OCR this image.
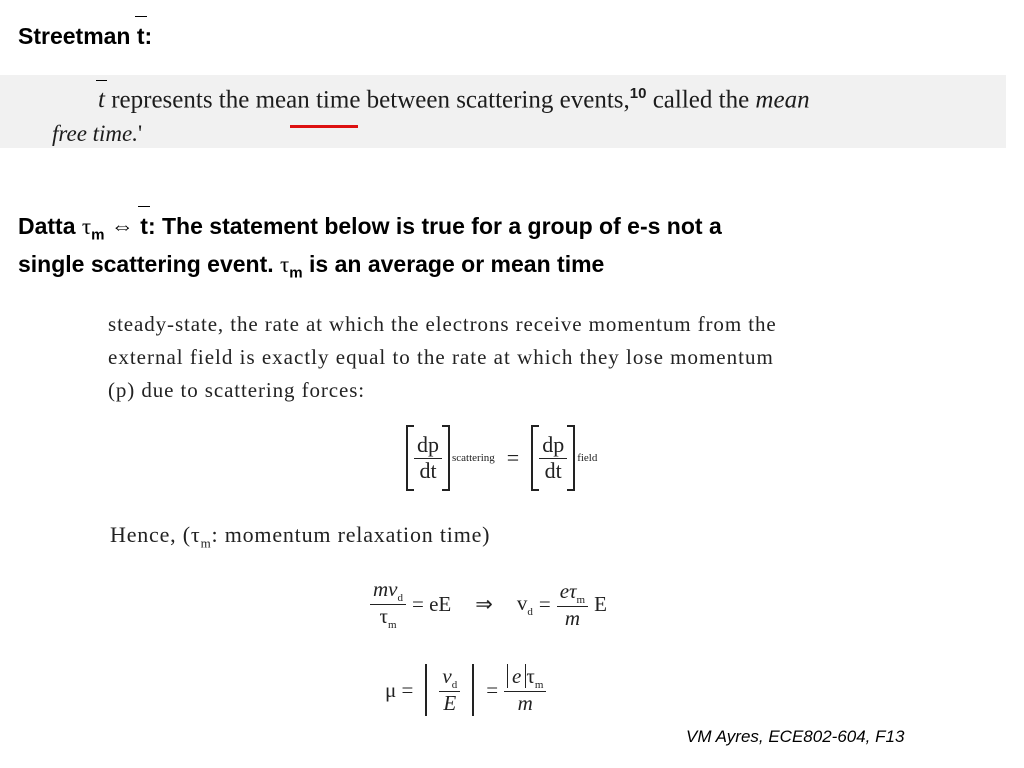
Streetman t:
t represents the mean time between scattering events,$^{10}$ called the mean
free time.'
Datta $\tau_m$ ⇔ t: The statement below is true for a group of e-s not a
single scattering event. $\tau_m$ is an average or mean time
steady-state, the rate at which the electrons receive momentum from the
external field is exactly equal to the rate at which they lose momentum
(p) due to scattering forces:
$\frac{dp}{dt}$ scattering = $\frac{dp}{dt}$ field
Hence, ($\tau_m$: momentum relaxation time)
$\frac{mv_d}{\tau_m}$ = eE ⇒ $v_d = \frac{e\tau_m}{m}$ E
$\mu = \frac{v_d}{E} = \frac{e \tau_m}{m}$
VM Ayres, ECE802-604, F13
